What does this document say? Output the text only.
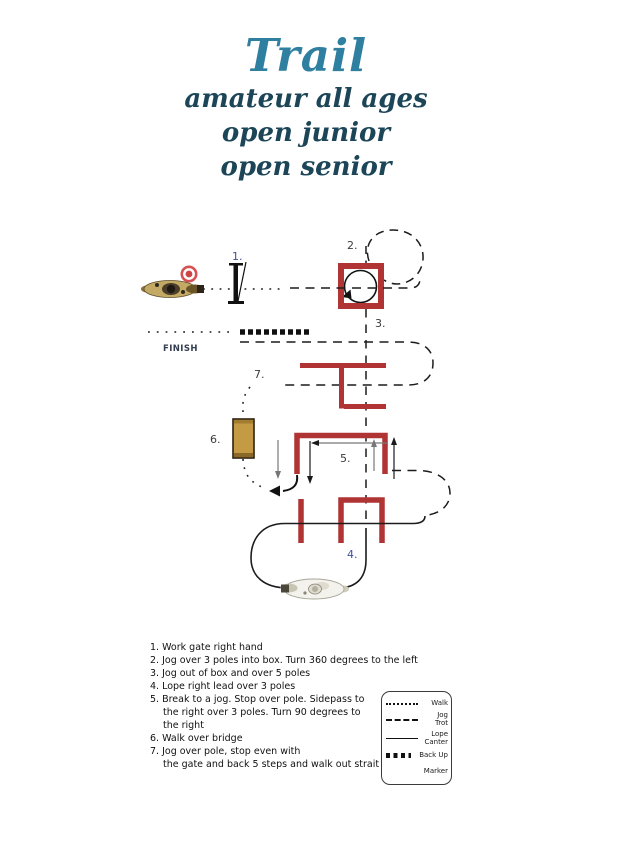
Trail
amateur all ages
open junior
open senior
1.
2.
3.
4.
5.
6.
7.
FINISH
1. Work gate right hand
2. Jog over 3 poles into box. Turn 360 degrees to the left
3. Jog out of box and over 5 poles
4. Lope right lead over 3 poles
5. Break to a jog. Stop over pole. Sidepass to
the right over 3 poles. Turn 90 degrees to
the right
6. Walk over bridge
7. Jog over pole, stop even with
the gate and back 5 steps and walk out strait
Walk
Jog
Trot
Lope
Canter
Back Up
Marker
